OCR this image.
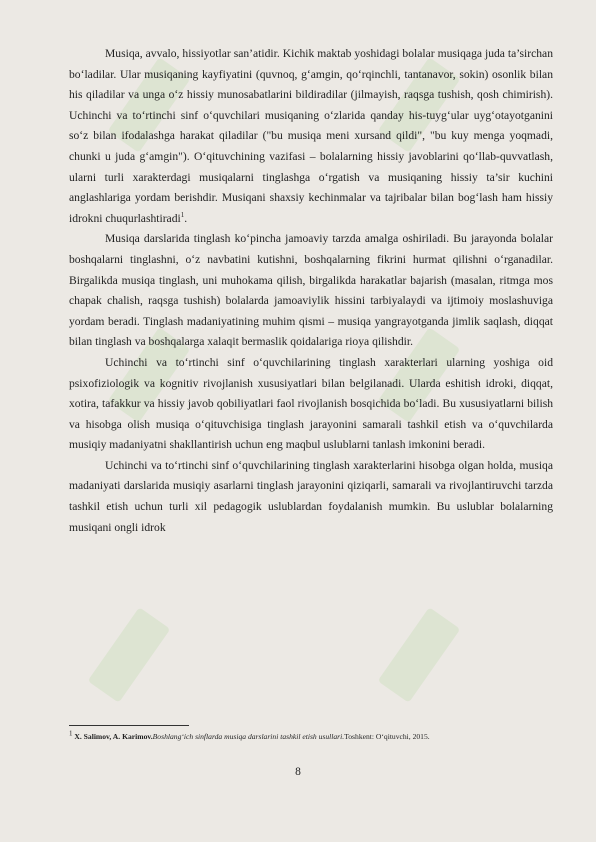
Musiqa, avvalo, hissiyotlar san’atidir. Kichik maktab yoshidagi bolalar musiqaga juda ta’sirchan bo‘ladilar. Ular musiqaning kayfiyatini (quvnoq, g‘amgin, qo‘rqinchli, tantanavor, sokin) osonlik bilan his qiladilar va unga o‘z hissiy munosabatlarini bildiradilar (jilmayish, raqsga tushish, qosh chimirish). Uchinchi va to‘rtinchi sinf o‘quvchilari musiqaning o‘zlarida qanday his-tuyg‘ular uyg‘otayotganini so‘z bilan ifodalashga harakat qiladilar ("bu musiqa meni xursand qildi", "bu kuy menga yoqmadi, chunki u juda g‘amgin"). O‘qituvchining vazifasi – bolalarning hissiy javoblarini qo‘llab-quvvatlash, ularni turli xarakterdagi musiqalarni tinglashga o‘rgatish va musiqaning hissiy ta’sir kuchini anglashlariga yordam berishdir. Musiqani shaxsiy kechinmalar va tajribalar bilan bog‘lash ham hissiy idrokni chuqurlashtiradi$^1$.

Musiqa darslarida tinglash ko‘pincha jamoaviy tarzda amalga oshiriladi. Bu jarayonda bolalar boshqalarni tinglashni, o‘z navbatini kutishni, boshqalarning fikrini hurmat qilishni o‘rganadilar. Birgalikda musiqa tinglash, uni muhokama qilish, birgalikda harakatlar bajarish (masalan, ritmga mos chapak chalish, raqsga tushish) bolalarda jamoaviylik hissini tarbiyalaydi va ijtimoiy moslashuviga yordam beradi. Tinglash madaniyatining muhim qismi – musiqa yangrayotganda jimlik saqlash, diqqat bilan tinglash va boshqalarga xalaqit bermaslik qoidalariga rioya qilishdir.

Uchinchi va to‘rtinchi sinf o‘quvchilarining tinglash xarakterlari ularning yoshiga oid psixofiziologik va kognitiv rivojlanish xususiyatlari bilan belgilanadi. Ularda eshitish idroki, diqqat, xotira, tafakkur va hissiy javob qobiliyatlari faol rivojlanish bosqichida bo‘ladi. Bu xususiyatlarni bilish va hisobga olish musiqa o‘qituvchisiga tinglash jarayonini samarali tashkil etish va o‘quvchilarda musiqiy madaniyatni shakllantirish uchun eng maqbul uslublarni tanlash imkonini beradi.

Uchinchi va to‘rtinchi sinf o‘quvchilarining tinglash xarakterlarini hisobga olgan holda, musiqa madaniyati darslarida musiqiy asarlarni tinglash jarayonini qiziqarli, samarali va rivojlantiruvchi tarzda tashkil etish uchun turli xil pedagogik uslublardan foydalanish mumkin. Bu uslublar bolalarning musiqani ongli idrok

$^1$ X. Salimov, A. Karimov.Boshlang‘ich sinflarda musiqa darslarini tashkil etish usullari.Toshkent: O‘qituvchi, 2015.
8
